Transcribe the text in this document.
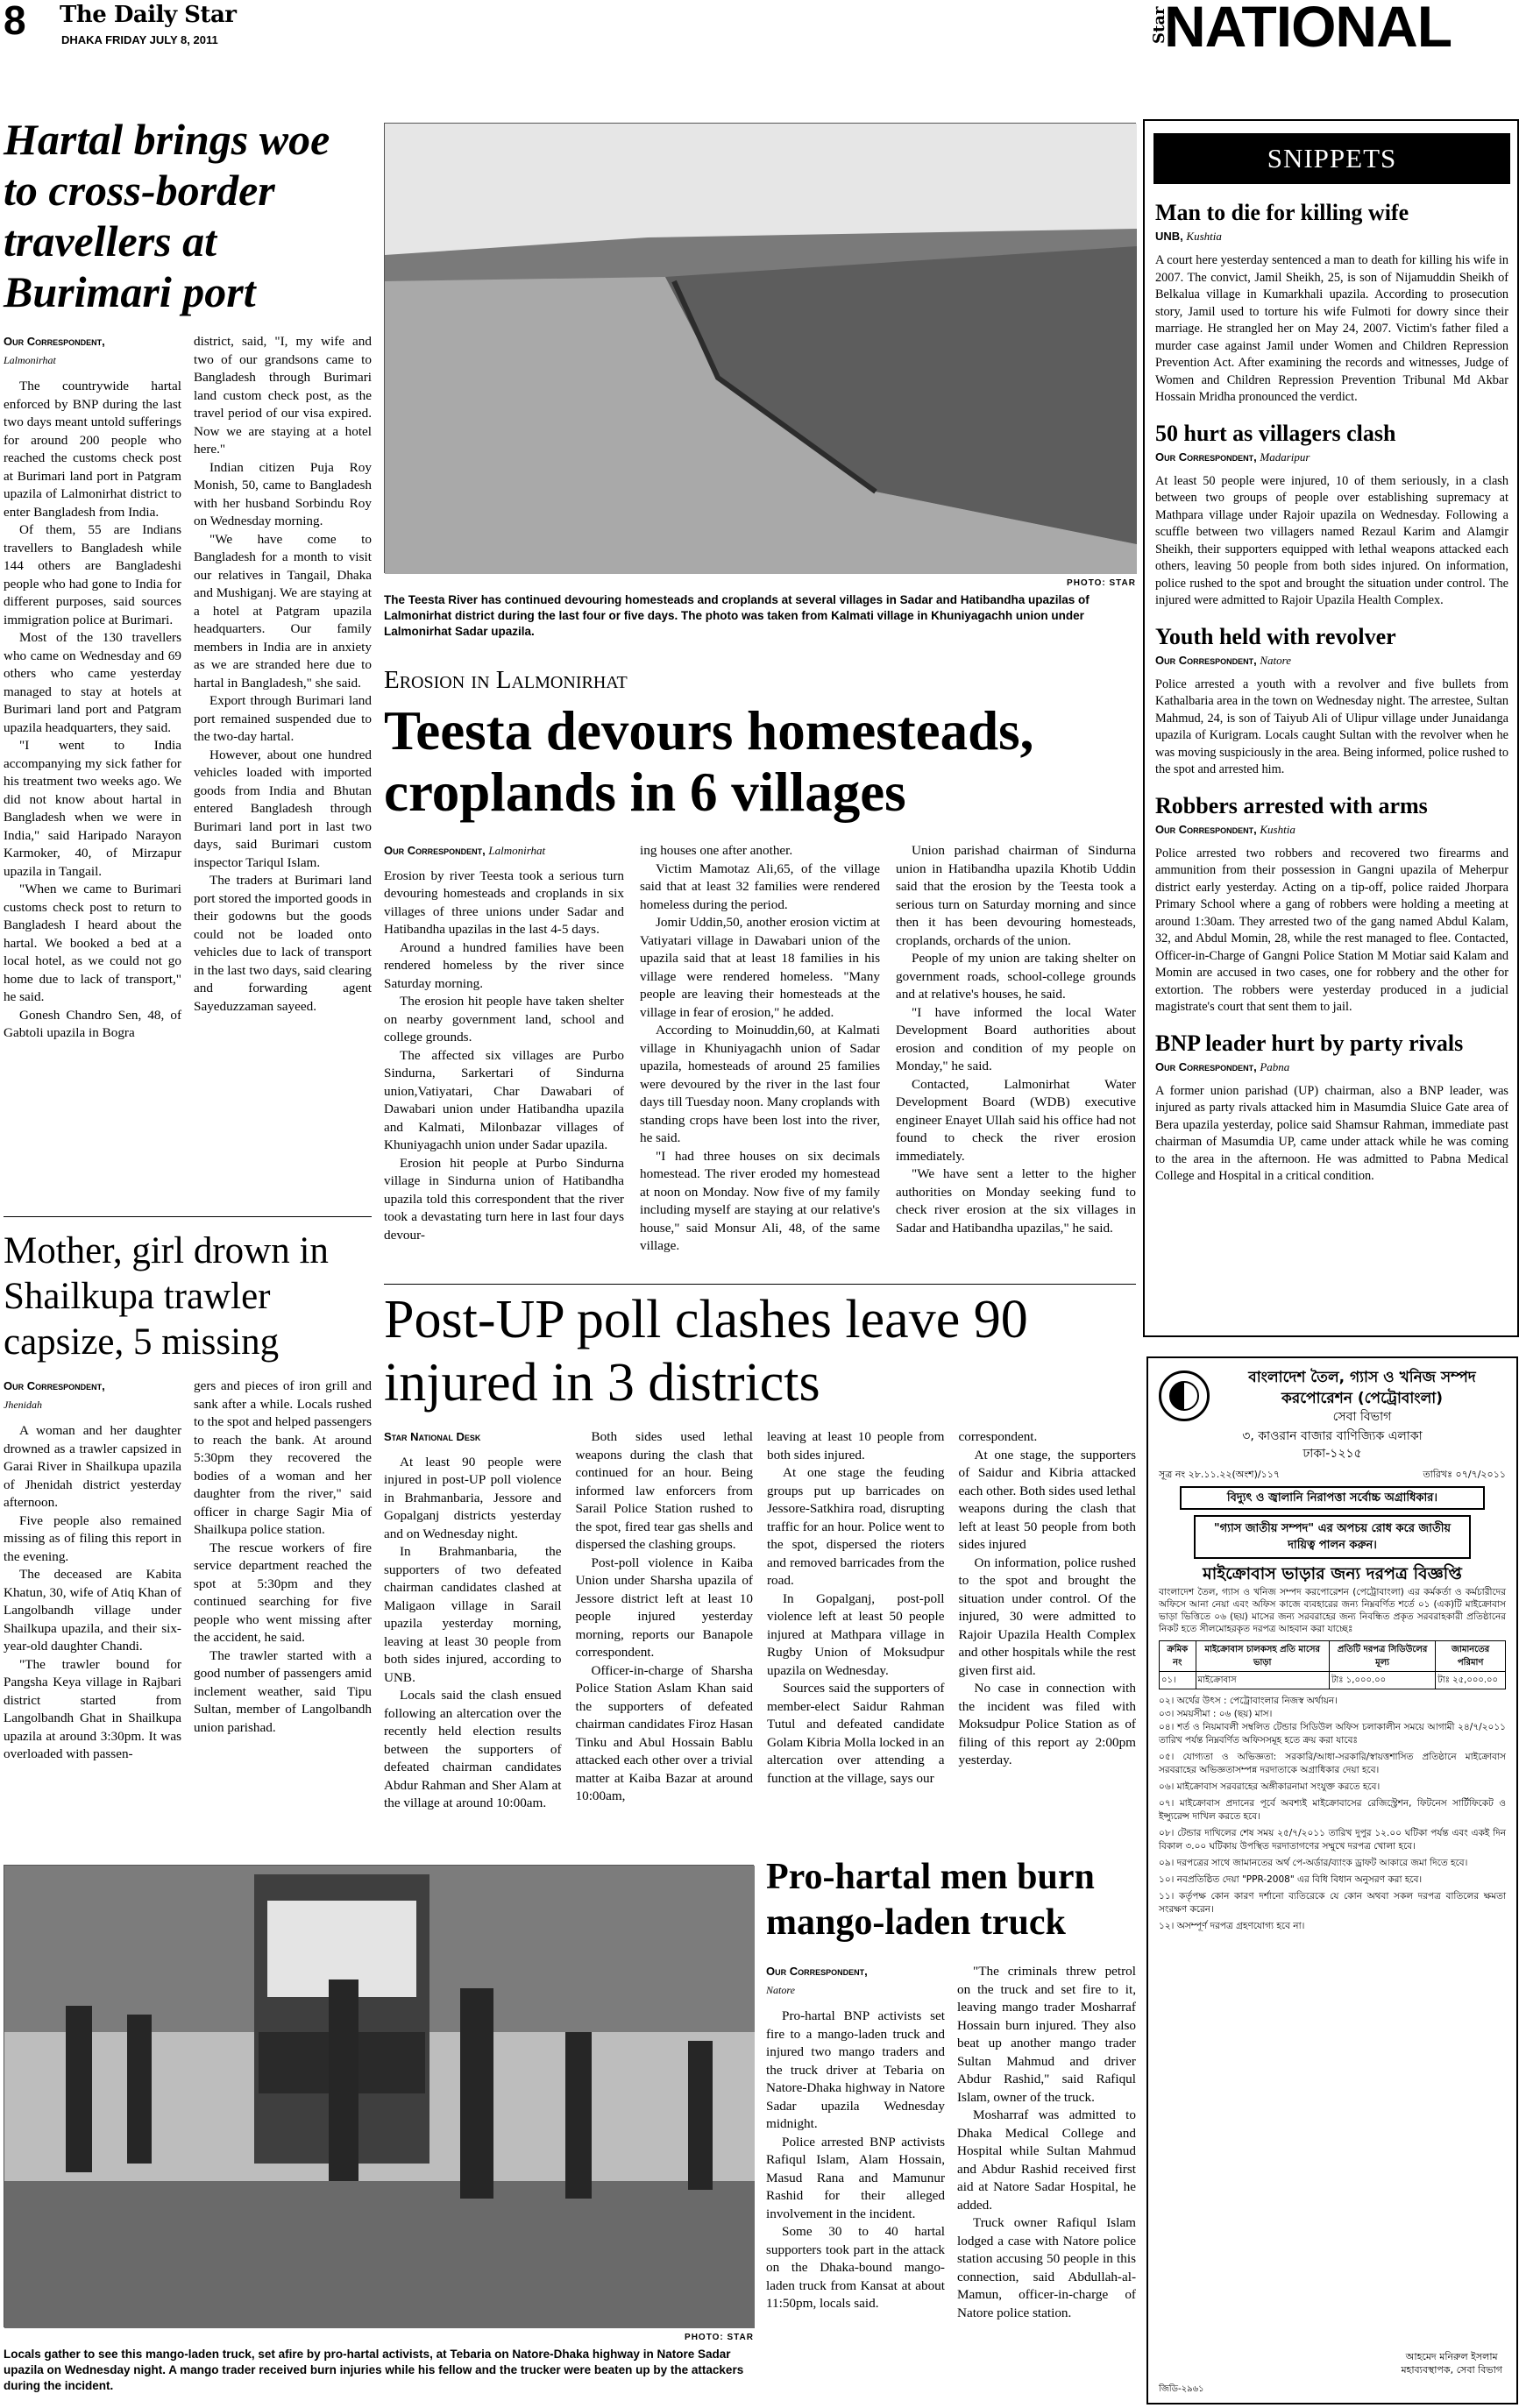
8 The Daily Star
DHAKA FRIDAY JULY 8, 2011	Star
NATIONAL
Hartal brings woe to cross-border travellers at Burimari port
Our Correspondent,
Lalmonirhat

The countrywide hartal enforced by BNP during the last two days meant untold sufferings for around 200 people who reached the customs check post at Burimari land port in Patgram upazila of Lalmonirhat district to enter Bangladesh from India.

Of them, 55 are Indians travellers to Bangladesh while 144 others are Bangladeshi people who had gone to India for different purposes, said sources immigration police at Burimari.

Most of the 130 travellers who came on Wednesday and 69 others who came yesterday managed to stay at hotels at Burimari land port and Patgram upazila headquarters, they said.

"I went to India accompanying my sick father for his treatment two weeks ago. We did not know about hartal in Bangladesh when we were in India," said Haripado Narayon Karmoker, 40, of Mirzapur upazila in Tangail.

"When we came to Burimari customs check post to return to Bangladesh I heard about the hartal. We booked a bed at a local hotel, as we could not go home due to lack of transport," he said.

Gonesh Chandro Sen, 48, of Gabtoli upazila in Bogra

district, said, "I, my wife and two of our grandsons came to Bangladesh through Burimari land custom check post, as the travel period of our visa expired. Now we are staying at a hotel here."

Indian citizen Puja Roy Monish, 50, came to Bangladesh with her husband Sorbindu Roy on Wednesday morning.

"We have come to Bangladesh for a month to visit our relatives in Tangail, Dhaka and Mushiganj. We are staying at a hotel at Patgram upazila headquarters. Our family members in India are in anxiety as we are stranded here due to hartal in Bangladesh," she said.

Export through Burimari land port remained suspended due to the two-day hartal.

However, about one hundred vehicles loaded with imported goods from India and Bhutan entered Bangladesh through Burimari land port in last two days, said Burimari custom inspector Tariqul Islam.

The traders at Burimari land port stored the imported goods in their godowns but the goods could not be loaded onto vehicles due to lack of transport in the last two days, said clearing and forwarding agent Sayeduzzaman sayeed.

Mother, girl drown in Shailkupa trawler capsize, 5 missing
Our Correspondent,
Jhenidah

A woman and her daughter drowned as a trawler capsized in Garai River in Shailkupa upazila of Jhenidah district yesterday afternoon.

Five people also remained missing as of filing this report in the evening.

The deceased are Kabita Khatun, 30, wife of Atiq Khan of Langolbandh village under Shailkupa upazila, and their six-year-old daughter Chandi.

"The trawler bound for Pangsha Keya village in Rajbari district started from Langolbandh Ghat in Shailkupa upazila at around 3:30pm. It was overloaded with passen-

gers and pieces of iron grill and sank after a while. Locals rushed to the spot and helped passengers to reach the bank. At around 5:30pm they recovered the bodies of a woman and her daughter from the river," said officer in charge Sagir Mia of Shailkupa police station.

The rescue workers of fire service department reached the spot at 5:30pm and they continued searching for five people who went missing after the accident, he said.

The trawler started with a good number of passengers amid inclement weather, said Tipu Sultan, member of Langolbandh union parishad.

PHOTO: STAR
The Teesta River has continued devouring homesteads and croplands at several villages in Sadar and Hatibandha upazilas of Lalmonirhat district during the last four or five days. The photo was taken from Kalmati village in Khuniyagachh union under Lalmonirhat Sadar upazila.
Erosion in Lalmonirhat
Teesta devours homesteads, croplands in 6 villages
Our Correspondent, Lalmonirhat

Erosion by river Teesta took a serious turn devouring homesteads and croplands in six villages of three unions under Sadar and Hatibandha upazilas in the last 4-5 days.

Around a hundred families have been rendered homeless by the river since Saturday morning.

The erosion hit people have taken shelter on nearby government land, school and college grounds.

The affected six villages are Purbo Sindurna, Sarkertari of Sindurna union,Vatiyatari, Char Dawabari of Dawabari union under Hatibandha upazila and Kalmati, Milonbazar villages of Khuniyagachh union under Sadar upazila.

Erosion hit people at Purbo Sindurna village in Sindurna union of Hatibandha upazila told this correspondent that the river took a devastating turn here in last four days devour-

ing houses one after another.

Victim Mamotaz Ali,65, of the village said that at least 32 families were rendered homeless during the period.

Jomir Uddin,50, another erosion victim at Vatiyatari village in Dawabari union of the upazila said that at least 18 families in his village were rendered homeless. "Many people are leaving their homesteads at the village in fear of erosion," he added.

According to Moinuddin,60, at Kalmati village in Khuniyagachh union of Sadar upazila, homesteads of around 25 families were devoured by the river in the last four days till Tuesday noon. Many croplands with standing crops have been lost into the river, he said.

"I had three houses on six decimals homestead. The river eroded my homestead at noon on Monday. Now five of my family including myself are staying at our relative's house," said Monsur Ali, 48, of the same village.

Union parishad chairman of Sindurna union in Hatibandha upazila Khotib Uddin said that the erosion by the Teesta took a serious turn on Saturday morning and since then it has been devouring homesteads, croplands, orchards of the union.

People of my union are taking shelter on government roads, school-college grounds and at relative's houses, he said.

"I have informed the local Water Development Board authorities about erosion and condition of my people on Monday," he said.

Contacted, Lalmonirhat Water Development Board (WDB) executive engineer Enayet Ullah said his office had not found to check the river erosion immediately.

"We have sent a letter to the higher authorities on Monday seeking fund to check river erosion at the six villages in Sadar and Hatibandha upazilas," he said.

Post-UP poll clashes leave 90 injured in 3 districts
Star National Desk

At least 90 people were injured in post-UP poll violence in Brahmanbaria, Jessore and Gopalganj districts yesterday and on Wednesday night.

In Brahmanbaria, the supporters of two defeated chairman candidates clashed at Maligaon village in Sarail upazila yesterday morning, leaving at least 30 people from both sides injured, according to UNB.

Locals said the clash ensued following an altercation over the recently held election results between the supporters of defeated chairman candidates Abdur Rahman and Sher Alam at the village at around 10:00am.

Both sides used lethal weapons during the clash that continued for an hour. Being informed law enforcers from Sarail Police Station rushed to the spot, fired tear gas shells and dispersed the clashing groups.

Post-poll violence in Kaiba Union under Sharsha upazila of Jessore district left at least 10 people injured yesterday morning, reports our Banapole correspondent.

Officer-in-charge of Sharsha Police Station Aslam Khan said the supporters of defeated chairman candidates Firoz Hasan Tinku and Abul Hossain Bablu attacked each other over a trivial matter at Kaiba Bazar at around 10:00am,

leaving at least 10 people from both sides injured.

At one stage the feuding groups put up barricades on Jessore-Satkhira road, disrupting traffic for an hour. Police went to the spot, dispersed the rioters and removed barricades from the road.

In Gopalganj, post-poll violence left at least 50 people injured at Mathpara village in Rugby Union of Moksudpur upazila on Wednesday.

Sources said the supporters of member-elect Saidur Rahman Tutul and defeated candidate Golam Kibria Molla locked in an altercation over attending a function at the village, says our

correspondent.

At one stage, the supporters of Saidur and Kibria attacked each other. Both sides used lethal weapons during the clash that left at least 50 people from both sides injured

On information, police rushed to the spot and brought the situation under control. Of the injured, 30 were admitted to Rajoir Upazila Health Complex and other hospitals while the rest given first aid.

No case in connection with the incident was filed with Moksudpur Police Station as of filing of this report ay 2:00pm yesterday.

PHOTO: STAR
Locals gather to see this mango-laden truck, set afire by pro-hartal activists, at Tebaria on Natore-Dhaka highway in Natore Sadar upazila on Wednesday night. A mango trader received burn injuries while his fellow and the trucker were beaten up by the attackers during the incident.
Pro-hartal men burn mango-laden truck
Our Correspondent,
Natore

Pro-hartal BNP activists set fire to a mango-laden truck and injured two mango traders and the truck driver at Tebaria on Natore-Dhaka highway in Natore Sadar upazila Wednesday midnight.

Police arrested BNP activists Rafiqul Islam, Alam Hossain, Masud Rana and Mamunur Rashid for their alleged involvement in the incident.

Some 30 to 40 hartal supporters took part in the attack on the Dhaka-bound mango-laden truck from Kansat at about 11:50pm, locals said.

"The criminals threw petrol on the truck and set fire to it, leaving mango trader Mosharraf Hossain burn injured. They also beat up another mango trader Sultan Mahmud and driver Abdur Rashid," said Rafiqul Islam, owner of the truck.

Mosharraf was admitted to Dhaka Medical College and Hospital while Sultan Mahmud and Abdur Rashid received first aid at Natore Sadar Hospital, he added.

Truck owner Rafiqul Islam lodged a case with Natore police station accusing 50 people in this connection, said Abdullah-al-Mamun, officer-in-charge of Natore police station.

SNIPPETS
Man to die for killing wife
UNB, Kushtia
A court here yesterday sentenced a man to death for killing his wife in 2007. The convict, Jamil Sheikh, 25, is son of Nijamuddin Sheikh of Belkalua village in Kumarkhali upazila. According to prosecution story, Jamil used to torture his wife Fulmoti for dowry since their marriage. He strangled her on May 24, 2007. Victim's father filed a murder case against Jamil under Women and Children Repression Prevention Act. After examining the records and witnesses, Judge of Women and Children Repression Prevention Tribunal Md Akbar Hossain Mridha pronounced the verdict.
50 hurt as villagers clash
Our Correspondent, Madaripur
At least 50 people were injured, 10 of them seriously, in a clash between two groups of people over establishing supremacy at Mathpara village under Rajoir upazila on Wednesday. Following a scuffle between two villagers named Rezaul Karim and Alamgir Sheikh, their supporters equipped with lethal weapons attacked each others, leaving 50 people from both sides injured. On information, police rushed to the spot and brought the situation under control. The injured were admitted to Rajoir Upazila Health Complex.
Youth held with revolver
Our Correspondent, Natore
Police arrested a youth with a revolver and five bullets from Kathalbaria area in the town on Wednesday night. The arrestee, Sultan Mahmud, 24, is son of Taiyub Ali of Ulipur village under Junaidanga upazila of Kurigram. Locals caught Sultan with the revolver when he was moving suspiciously in the area. Being informed, police rushed to the spot and arrested him.
Robbers arrested with arms
Our Correspondent, Kushtia
Police arrested two robbers and recovered two firearms and ammunition from their possession in Gangni upazila of Meherpur district early yesterday. Acting on a tip-off, police raided Jhorpara Primary School where a gang of robbers were holding a meeting at around 1:30am. They arrested two of the gang named Abdul Kalam, 32, and Abdul Momin, 28, while the rest managed to flee. Contacted, Officer-in-Charge of Gangni Police Station M Motiar said Kalam and Momin are accused in two cases, one for robbery and the other for extortion. The robbers were yesterday produced in a judicial magistrate's court that sent them to jail.
BNP leader hurt by party rivals
Our Correspondent, Pabna
A former union parishad (UP) chairman, also a BNP leader, was injured as party rivals attacked him in Masumdia Sluice Gate area of Bera upazila yesterday, police said Shamsur Rahman, immediate past chairman of Masumdia UP, came under attack while he was coming to the area in the afternoon. He was admitted to Pabna Medical College and Hospital in a critical condition.
বাংলাদেশ তৈল, গ্যাস ও খনিজ সম্পদ করপোরেশন (পেট্রোবাংলা)
সেবা বিভাগ
৩, কাওরান বাজার বাণিজ্যিক এলাকা
ঢাকা-১২১৫
সূত্র নং ২৮.১১.২২(অংশ)/১১৭	তারিখঃ ০৭/৭/২০১১
বিদ্যুৎ ও জ্বালানি নিরাপত্তা সর্বোচ্চ অগ্রাধিকার।
"গ্যাস জাতীয় সম্পদ" এর অপচয় রোধ করে জাতীয় দায়িত্ব পালন করুন।
মাইক্রোবাস ভাড়ার জন্য দরপত্র বিজ্ঞপ্তি
বাংলাদেশ তৈল, গ্যাস ও খনিজ সম্পদ করপোরেশন (পেট্রোবাংলা) এর কর্মকর্তা ও কর্মচারীদের অফিসে আনা নেয়া এবং অফিস কাজে ব্যবহারের জন্য নিম্নবর্ণিত শর্তে ০১ (এক)টি মাইক্রোবাস ভাড়া ভিত্তিতে ০৬ (ছয়) মাসের জন্য সরবরাহের জন্য নিবন্ধিত প্রকৃত সরবরাহকারী প্রতিষ্ঠানের নিকট হতে সীলমোহরকৃত দরপত্র আহবান করা যাচ্ছেঃ
ক্রমিক নং	মাইক্রোবাস চালকসহ প্রতি মাসের ভাড়া	প্রতিটি দরপত্র সিডিউলের মূল্য	জামানতের পরিমাণ
০১।	মাইক্রোবাস	টাঃ ১,০০০.০০	টাঃ ২৫,০০০.০০
০২। অর্থের উৎস : পেট্রোবাংলার নিজস্ব অর্থায়ন।
০৩। সময়সীমা : ০৬ (ছয়) মাস।
০৪। শর্ত ও নিয়মাবলী সম্বলিত টেন্ডার সিডিউল অফিস চলাকালীন সময়ে আগামী ২৪/৭/২০১১ তারিখ পর্যন্ত নিম্নবর্ণিত অফিসসমূহ হতে ক্রয় করা যাবেঃ
০৫। যোগ্যতা ও অভিজ্ঞতা: সরকারি/আধা-সরকারি/স্বায়ত্তশাসিত প্রতিষ্ঠানে মাইক্রোবাস সরবরাহের অভিজ্ঞতাসম্পন্ন দরদাতাকে অগ্রাধিকার দেয়া হবে।
০৬। মাইক্রোবাস সরবরাহের অঙ্গীকারনামা সংযুক্ত করতে হবে।
০৭। মাইক্রোবাস প্রদানের পূর্বে অবশ্যই মাইক্রোবাসের রেজিস্ট্রেশন, ফিটনেস সার্টিফিকেট ও ইন্স্যুরেন্স দাখিল করতে হবে।
০৮। টেন্ডার দাখিলের শেষ সময় ২৫/৭/২০১১ তারিখ দুপুর ১২.০০ ঘটিকা পর্যন্ত এবং একই দিন বিকাল ৩.০০ ঘটিকায় উপস্থিত দরদাতাগণের সম্মুখে দরপত্র খোলা হবে।
০৯। দরপত্রের সাথে জামানতের অর্থ পে-অর্ডার/ব্যাংক ড্রাফট আকারে জমা দিতে হবে।
১০। নবপ্রতিষ্ঠিত দেয়া "PPR-2008" এর বিধি বিধান অনুসরণ করা হবে।
১১। কর্তৃপক্ষ কোন কারণ দর্শানো ব্যতিরেকে যে কোন অথবা সকল দরপত্র বাতিলের ক্ষমতা সংরক্ষণ করেন।
১২। অসম্পূর্ণ দরপত্র গ্রহণযোগ্য হবে না।
আহমেদ মনিরুল ইসলাম
মহাব্যবস্থাপক, সেবা বিভাগ
জিডি-২৯৬১
